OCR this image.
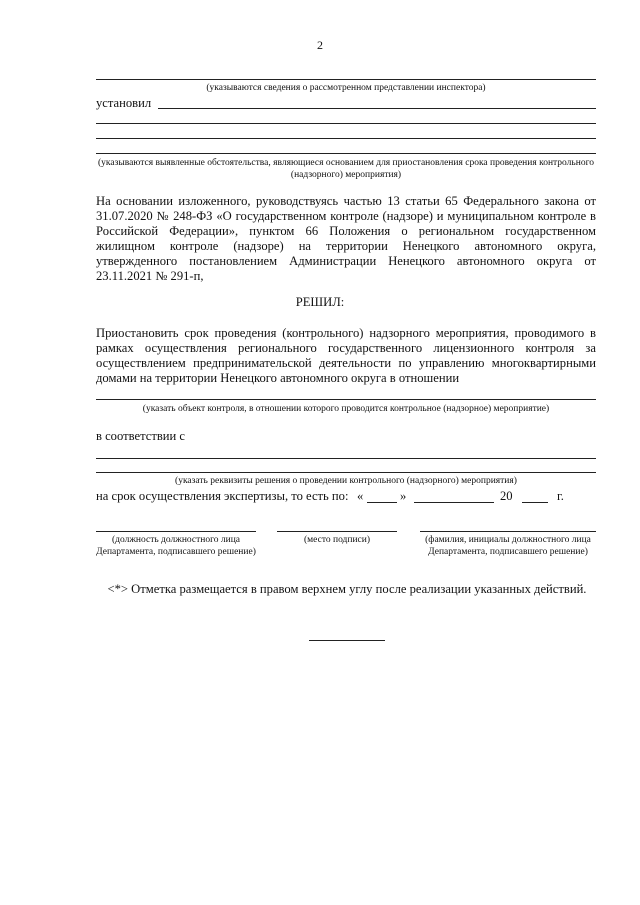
2
(указываются сведения о рассмотренном представлении инспектора)
установил
(указываются выявленные обстоятельства, являющиеся основанием для приостановления срока проведения контрольного (надзорного) мероприятия)
На основании изложенного, руководствуясь частью 13 статьи 65 Федерального закона от 31.07.2020 № 248-ФЗ «О государственном контроле (надзоре) и муниципальном контроле в Российской Федерации», пунктом 66 Положения о региональном государственном жилищном контроле (надзоре) на территории Ненецкого автономного округа, утвержденного постановлением Администрации Ненецкого автономного округа от 23.11.2021 № 291-п,
РЕШИЛ:
Приостановить срок проведения (контрольного) надзорного мероприятия, проводимого в рамках осуществления регионального государственного лицензионного контроля за осуществлением предпринимательской деятельности по управлению многоквартирными домами на территории Ненецкого автономного округа в отношении
(указать объект контроля, в отношении которого проводится контрольное (надзорное) мероприятие)
в соответствии с
(указать реквизиты решения о проведении контрольного (надзорного) мероприятия)
на срок осуществления экспертизы, то есть по: «	»	20	г.
(должность должностного лица Департамента, подписавшего решение)
(место подписи)	(фамилия, инициалы должностного лица Департамента, подписавшего решение)
<*> Отметка размещается в правом верхнем углу после реализации указанных действий.
